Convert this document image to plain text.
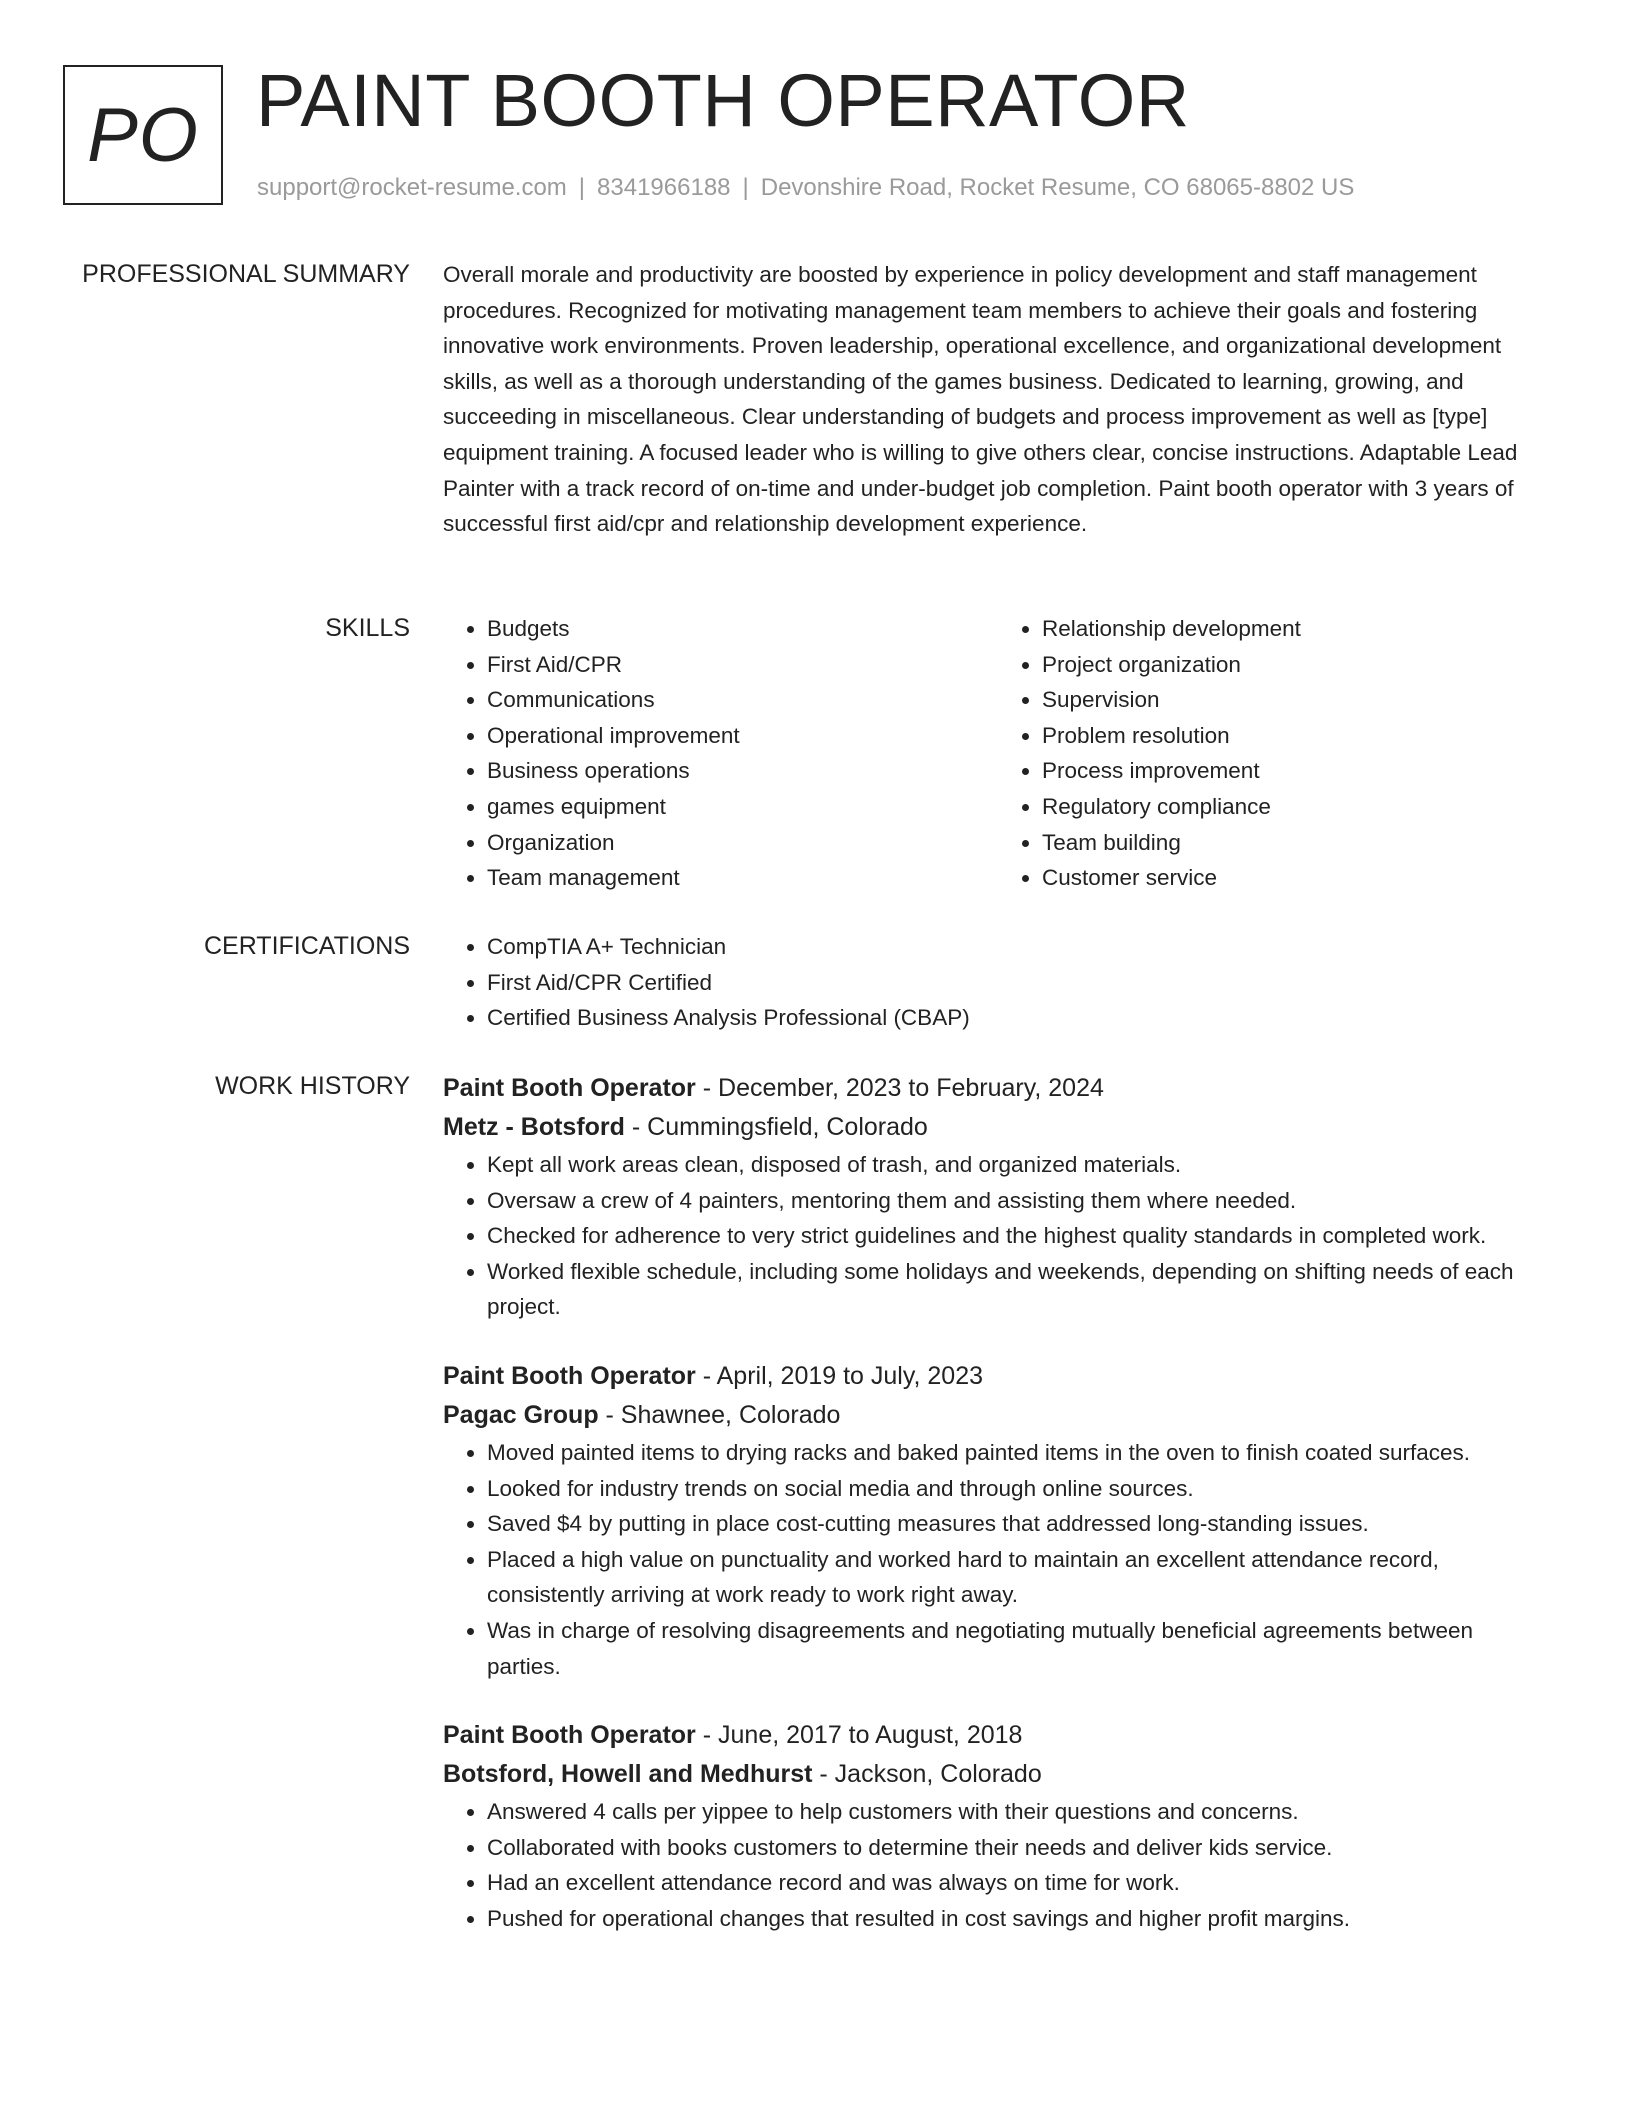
PO PAINT BOOTH OPERATOR
support@rocket-resume.com | 8341966188 | Devonshire Road, Rocket Resume, CO 68065-8802 US
PROFESSIONAL SUMMARY Overall morale and productivity are boosted by experience in policy development and staff management procedures. Recognized for motivating management team members to achieve their goals and fostering innovative work environments. Proven leadership, operational excellence, and organizational development skills, as well as a thorough understanding of the games business. Dedicated to learning, growing, and succeeding in miscellaneous. Clear understanding of budgets and process improvement as well as [type] equipment training. A focused leader who is willing to give others clear, concise instructions. Adaptable Lead Painter with a track record of on-time and under-budget job completion. Paint booth operator with 3 years of successful first aid/cpr and relationship development experience.
SKILLS	• Budgets
• First Aid/CPR
• Communications
• Operational improvement
• Business operations
• games equipment
• Organization
• Team management
• Relationship development
• Project organization
• Supervision
• Problem resolution
• Process improvement
• Regulatory compliance
• Team building
• Customer service
CERTIFICATIONS	• CompTIA A+ Technician
• First Aid/CPR Certified
• Certified Business Analysis Professional (CBAP)
WORK HISTORY Paint Booth Operator - December, 2023 to February, 2024
Metz - Botsford - Cummingsfield, Colorado
• Kept all work areas clean, disposed of trash, and organized materials.
• Oversaw a crew of 4 painters, mentoring them and assisting them where needed.
• Checked for adherence to very strict guidelines and the highest quality standards in completed work.
• Worked flexible schedule, including some holidays and weekends, depending on shifting needs of each project.
Paint Booth Operator - April, 2019 to July, 2023
Pagac Group - Shawnee, Colorado
• Moved painted items to drying racks and baked painted items in the oven to finish coated surfaces.
• Looked for industry trends on social media and through online sources.
• Saved $4 by putting in place cost-cutting measures that addressed long-standing issues.
• Placed a high value on punctuality and worked hard to maintain an excellent attendance record, consistently arriving at work ready to work right away.
• Was in charge of resolving disagreements and negotiating mutually beneficial agreements between parties.
Paint Booth Operator - June, 2017 to August, 2018
Botsford, Howell and Medhurst - Jackson, Colorado
• Answered 4 calls per yippee to help customers with their questions and concerns.
• Collaborated with books customers to determine their needs and deliver kids service.
• Had an excellent attendance record and was always on time for work.
• Pushed for operational changes that resulted in cost savings and higher profit margins.
